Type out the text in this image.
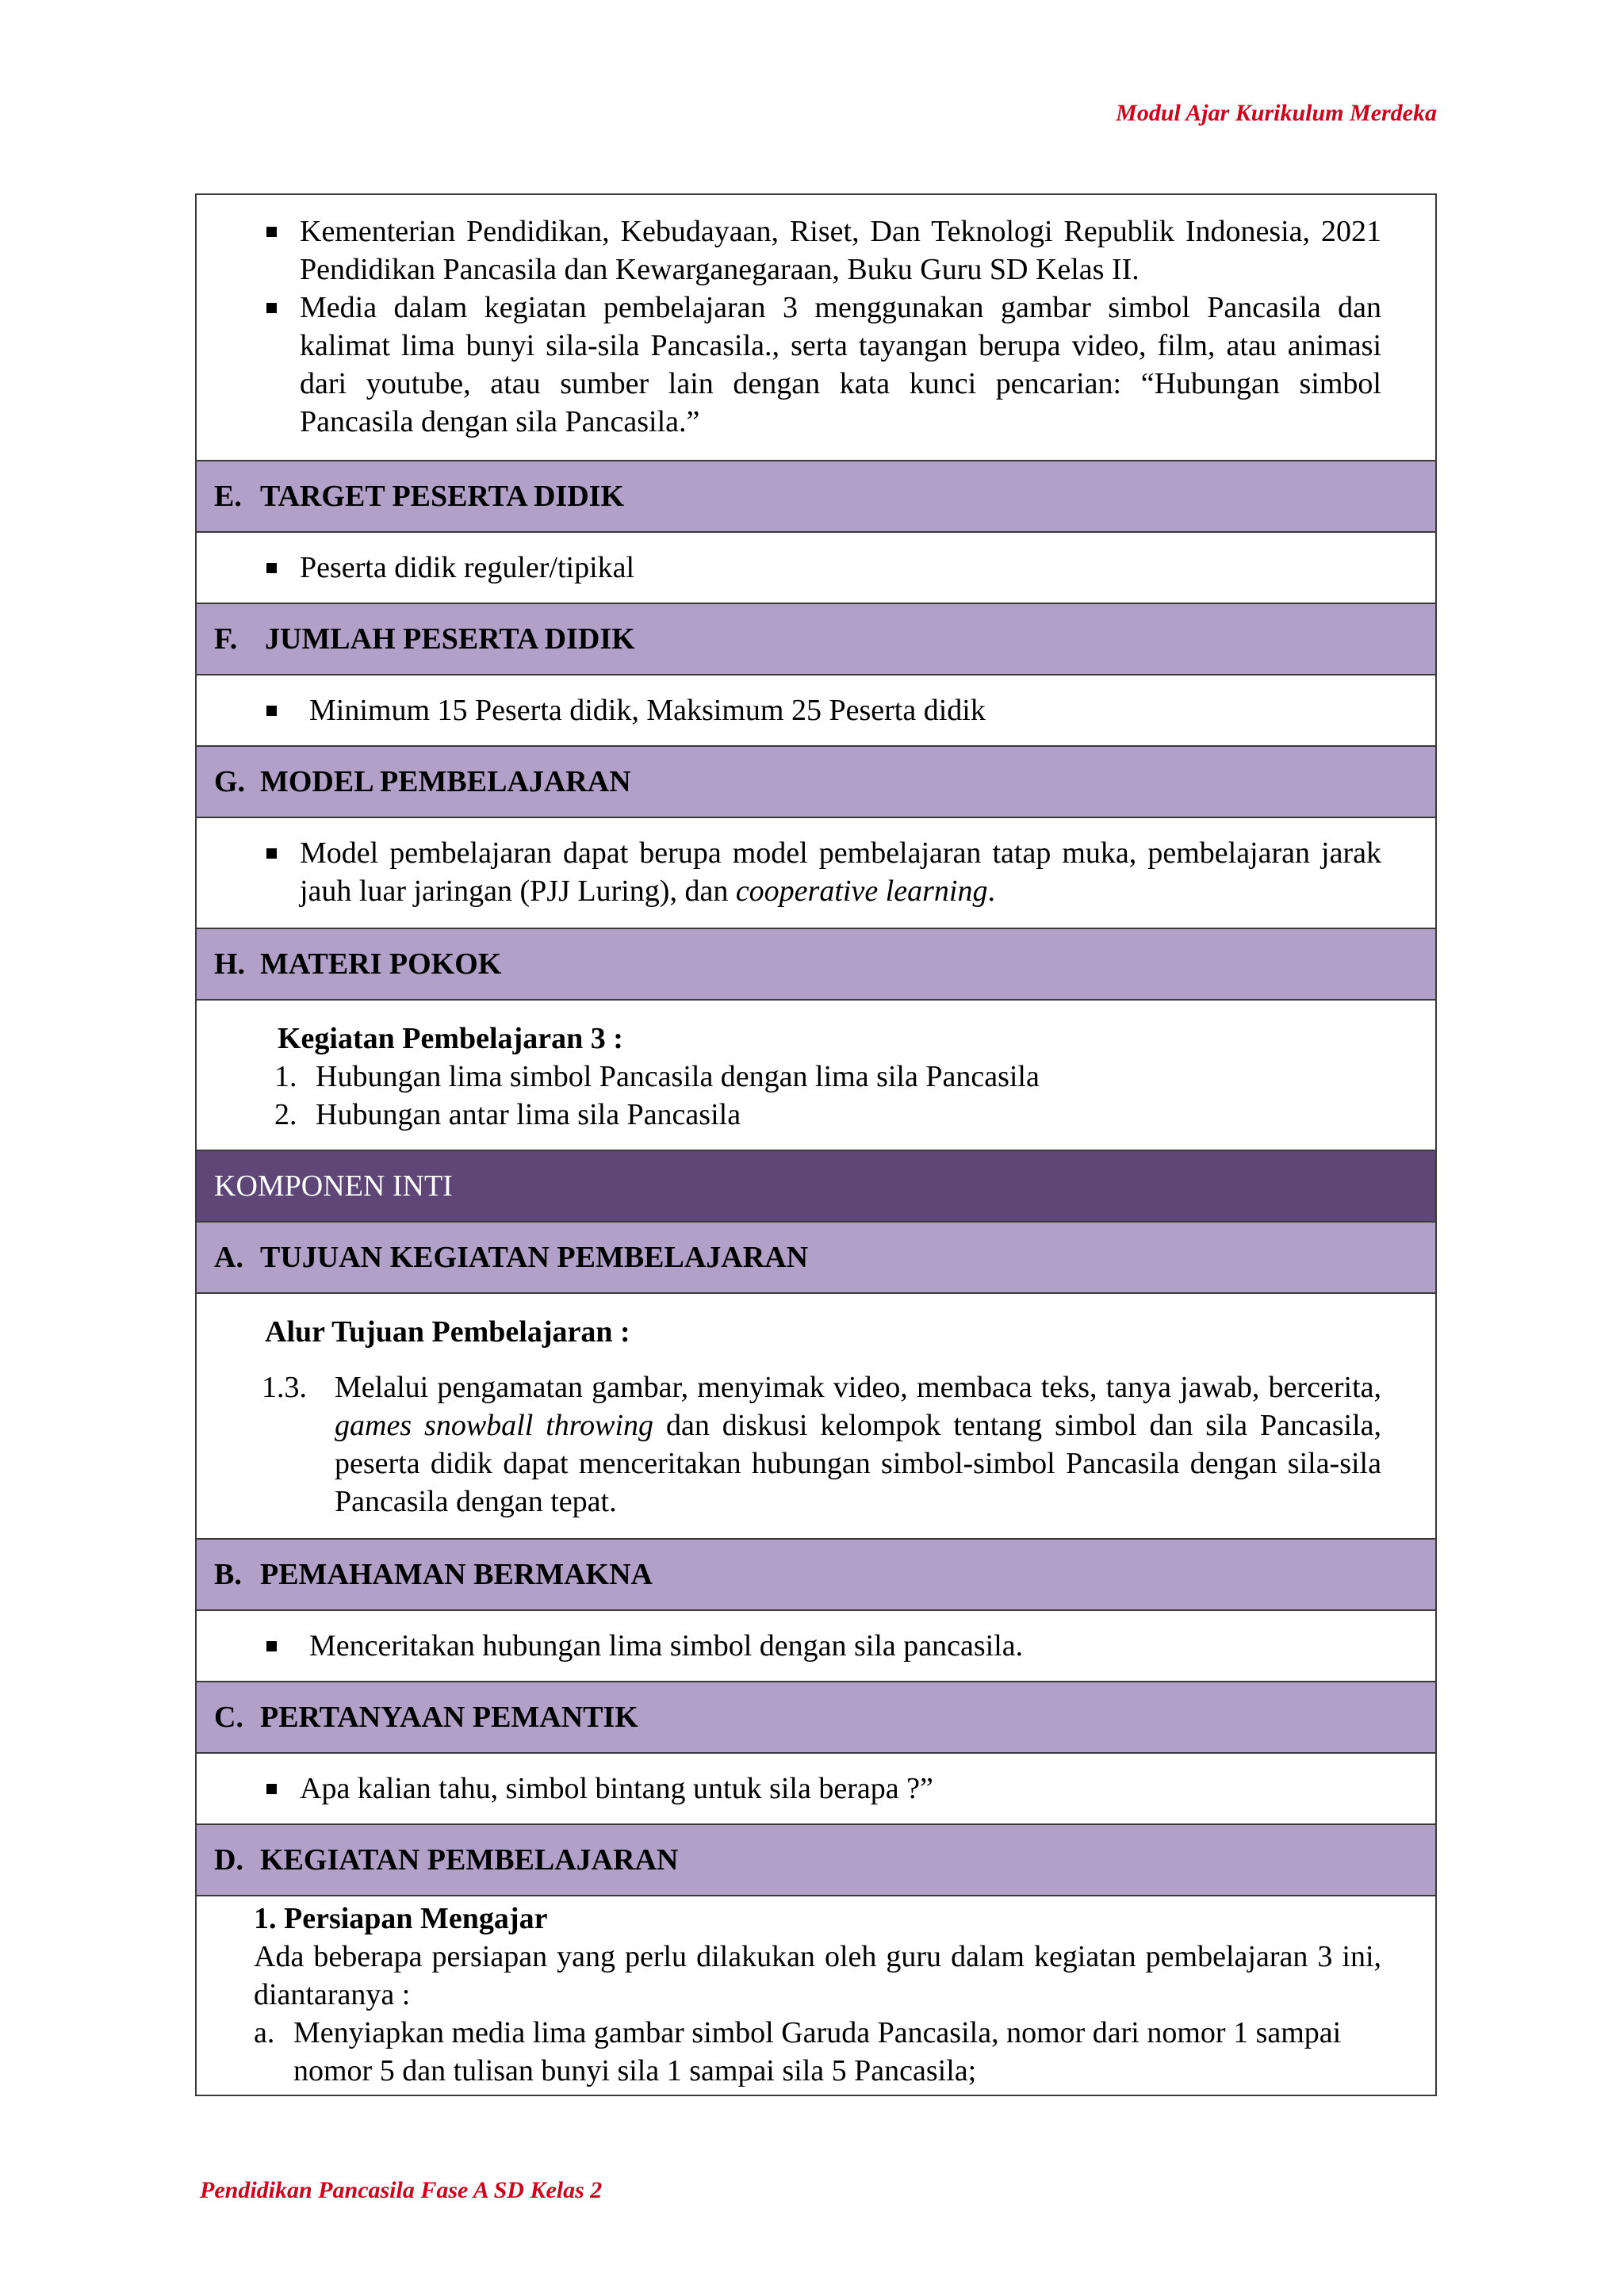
Modul Ajar Kurikulum Merdeka
Kementerian Pendidikan, Kebudayaan, Riset, Dan Teknologi Republik Indonesia, 2021 Pendidikan Pancasila dan Kewarganegaraan, Buku Guru SD Kelas II.
Media dalam kegiatan pembelajaran 3 menggunakan gambar simbol Pancasila dan kalimat lima bunyi sila-sila Pancasila., serta tayangan berupa video, film, atau animasi dari youtube, atau sumber lain dengan kata kunci pencarian: “Hubungan simbol Pancasila dengan sila Pancasila.”
E. TARGET PESERTA DIDIK
Peserta didik reguler/tipikal
F. JUMLAH PESERTA DIDIK
Minimum 15 Peserta didik, Maksimum 25 Peserta didik
G. MODEL PEMBELAJARAN
Model pembelajaran dapat berupa model pembelajaran tatap muka, pembelajaran jarak jauh luar jaringan (PJJ Luring), dan cooperative learning.
H. MATERI POKOK
Kegiatan Pembelajaran 3 :
1. Hubungan lima simbol Pancasila dengan lima sila Pancasila
2. Hubungan antar lima sila Pancasila
KOMPONEN INTI
A. TUJUAN KEGIATAN PEMBELAJARAN
Alur Tujuan Pembelajaran :
1.3. Melalui pengamatan gambar, menyimak video, membaca teks, tanya jawab, bercerita, games snowball throwing dan diskusi kelompok tentang simbol dan sila Pancasila, peserta didik dapat menceritakan hubungan simbol-simbol Pancasila dengan sila-sila Pancasila dengan tepat.
B. PEMAHAMAN BERMAKNA
Menceritakan hubungan lima simbol dengan sila pancasila.
C. PERTANYAAN PEMANTIK
Apa kalian tahu, simbol bintang untuk sila berapa ?”
D. KEGIATAN PEMBELAJARAN
1. Persiapan Mengajar
Ada beberapa persiapan yang perlu dilakukan oleh guru dalam kegiatan pembelajaran 3 ini, diantaranya :
a. Menyiapkan media lima gambar simbol Garuda Pancasila, nomor dari nomor 1 sampai nomor 5 dan tulisan bunyi sila 1 sampai sila 5 Pancasila;
Pendidikan Pancasila Fase A SD Kelas 2
